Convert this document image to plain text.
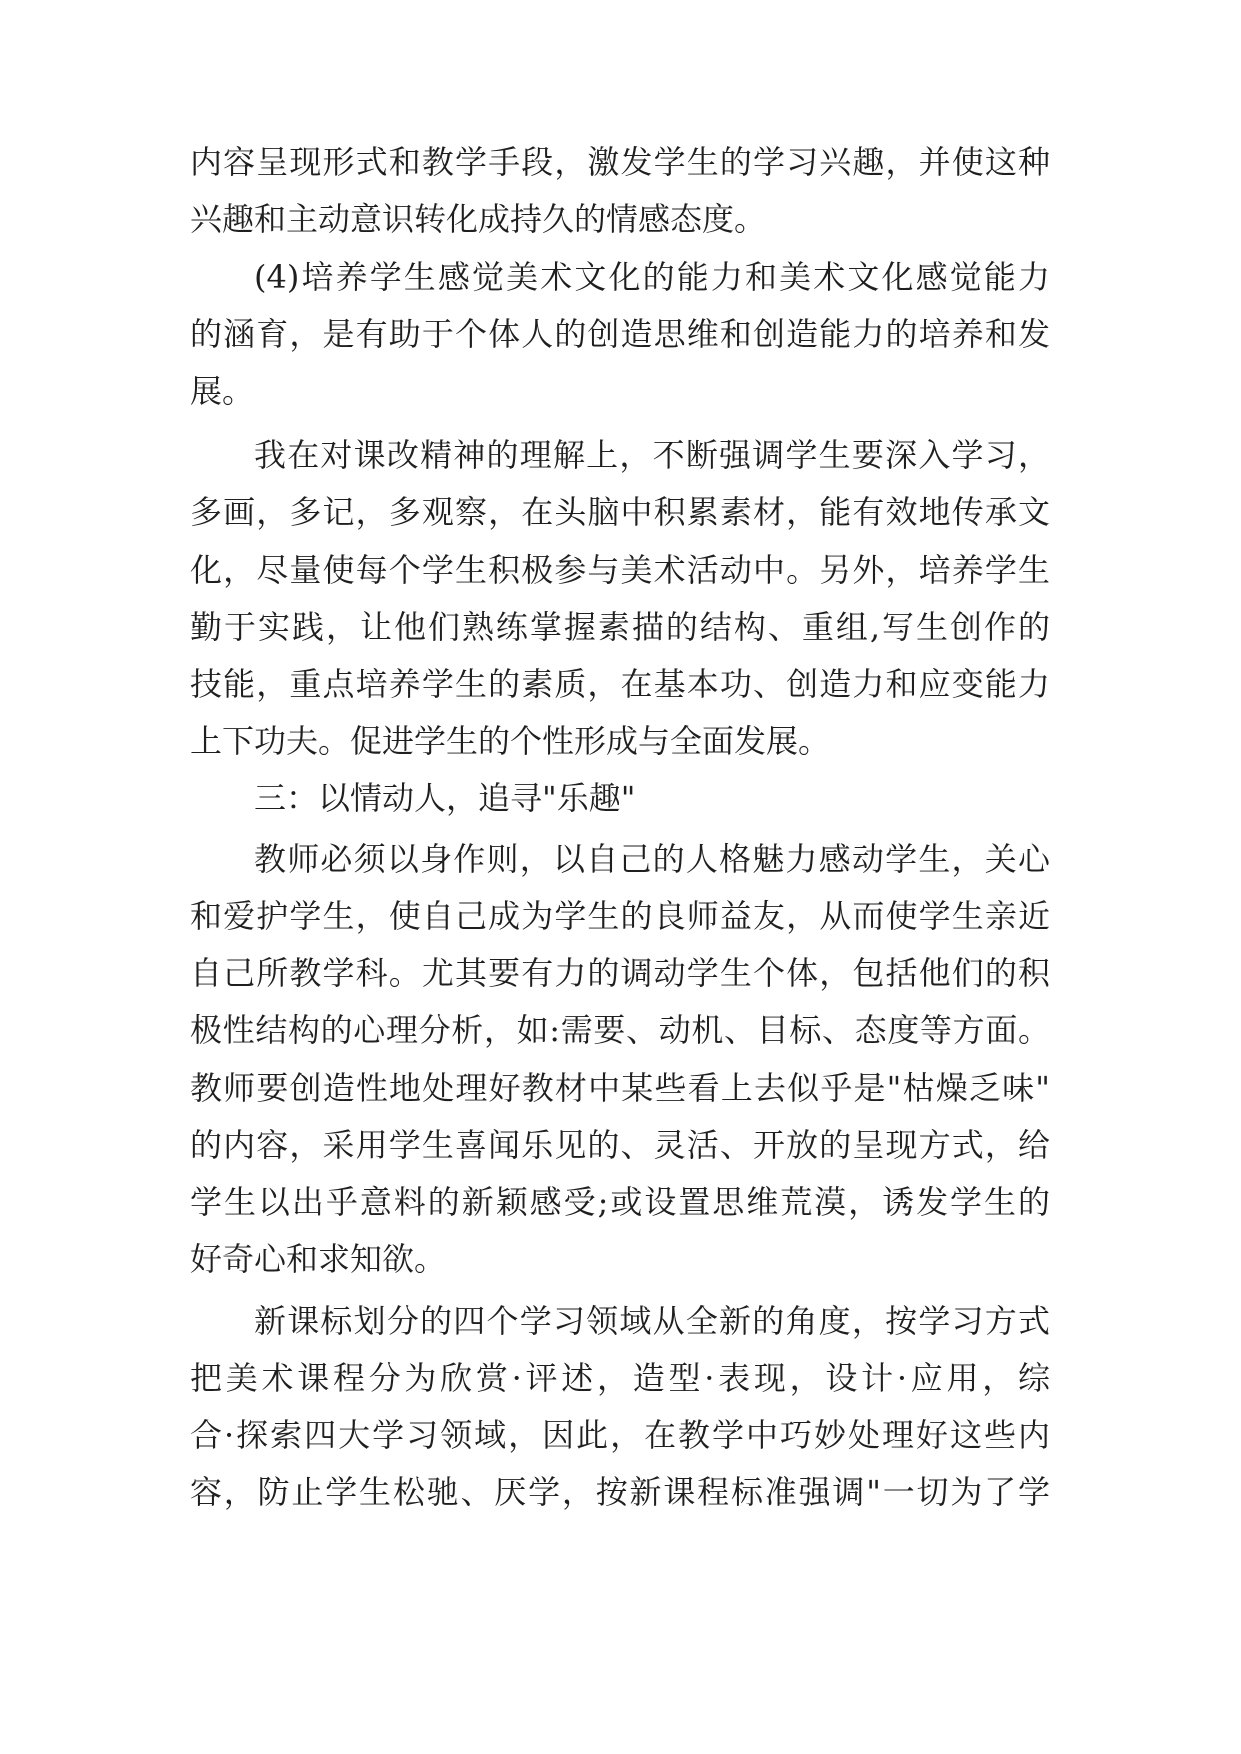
内容呈现形式和教学手段，激发学生的学习兴趣，并使这种
兴趣和主动意识转化成持久的情感态度。
(4)培养学生感觉美术文化的能力和美术文化感觉能力
的涵育，是有助于个体人的创造思维和创造能力的培养和发
展。
我在对课改精神的理解上，不断强调学生要深入学习，
多画，多记，多观察，在头脑中积累素材，能有效地传承文
化，尽量使每个学生积极参与美术活动中。另外，培养学生
勤于实践，让他们熟练掌握素描的结构、重组,写生创作的
技能，重点培养学生的素质，在基本功、创造力和应变能力
上下功夫。促进学生的个性形成与全面发展。
三：以情动人，追寻"乐趣"
教师必须以身作则，以自己的人格魅力感动学生，关心
和爱护学生，使自己成为学生的良师益友，从而使学生亲近
自己所教学科。尤其要有力的调动学生个体，包括他们的积
极性结构的心理分析，如:需要、动机、目标、态度等方面。
教师要创造性地处理好教材中某些看上去似乎是"枯燥乏味"
的内容，采用学生喜闻乐见的、灵活、开放的呈现方式，给
学生以出乎意料的新颖感受;或设置思维荒漠，诱发学生的
好奇心和求知欲。
新课标划分的四个学习领域从全新的角度，按学习方式
把美术课程分为欣赏·评述，造型·表现，设计·应用，综
合·探索四大学习领域，因此，在教学中巧妙处理好这些内
容，防止学生松驰、厌学，按新课程标准强调"一切为了学
